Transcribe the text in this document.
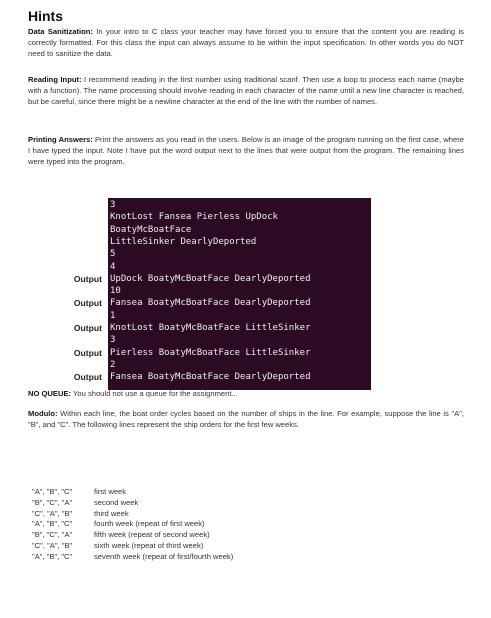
Hints
Data Sanitization: In your intro to C class your teacher may have forced you to ensure that the content you are reading is correctly formatted. For this class the input can always assume to be within the input specification. In other words you do NOT need to sanitize the data.
Reading Input: I recommend reading in the first number using traditional scanf. Then use a loop to process each name (maybe with a function). The name processing should involve reading in each character of the name until a new line character is reached, but be careful, since there might be a newline character at the end of the line with the number of names.
Printing Answers: Print the answers as you read in the users. Below is an image of the program running on the first case, where I have typed the input. Note I have put the word output next to the lines that were output from the program. The remaining lines were typed into the program.
3
KnotLost Fansea Pierless UpDock
BoatyMcBoatFace
LittleSinker DearlyDeported
5
4
UpDock BoatyMcBoatFace DearlyDeported
10
Fansea BoatyMcBoatFace DearlyDeported
1
KnotLost BoatyMcBoatFace LittleSinker
3
Pierless BoatyMcBoatFace LittleSinker
2
Fansea BoatyMcBoatFace DearlyDeported
Output
Output
Output
Output
Output
NO QUEUE: You should not use a queue for the assignment...
Modulo: Within each line, the boat order cycles based on the number of ships in the line. For example, suppose the line is "A", "B", and "C". The following lines represent the ship orders for the first few weeks.
"A", "B", "C"	first week
"B", "C", "A"	second week
"C", "A", "B"	third week
"A", "B", "C"	fourth week (repeat of first week)
"B", "C", "A"	fifth week (repeat of second week)
"C", "A", "B"	sixth week (repeat of third week)
"A", "B", "C"	seventh week (repeat of first/fourth week)
